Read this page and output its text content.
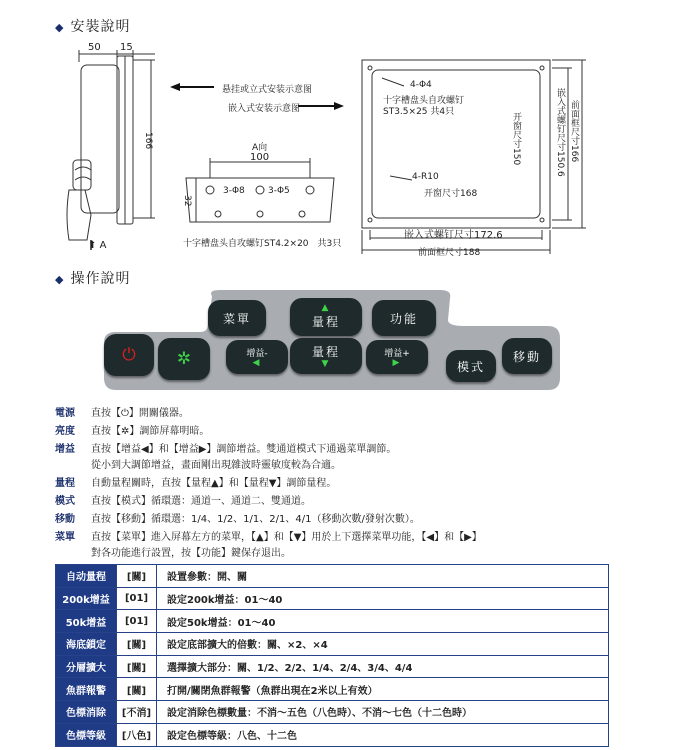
◆ 安裝說明
50 15
166
⬆ A
悬挂或立式安装示意图
嵌入式安装示意图
A向
100
32
3-Φ8	3-Φ5
十字槽盘头自攻螺钉ST4.2×20　共3只
4-Φ4
十字槽盘头自攻螺钉
ST3.5×25 共4只
4-R10
开窗尺寸168
开窗尺寸150
嵌入式螺钉尺寸172.6
前面框尺寸188
嵌入式螺钉尺寸150.6 前面框尺寸166
◆ 操作說明
菜單
▲
量程	功能
⏻ ✲	增益-
◀
量程
▼
增益+
▶	模式
移動
電源 直按【⏻】開關儀器。
亮度 直按【✲】調節屏幕明暗。
增益 直按【增益◀】和【增益▶】調節增益。雙通道模式下通過菜單調節。
從小到大調節增益，畫面剛出現雜波時靈敏度較為合適。
量程 自動量程關時，直按【量程▲】和【量程▼】調節量程。
模式 直按【模式】循環選：通道一、通道二、雙通道。
移動 直按【移動】循環選：1/4、1/2、1/1、2/1、4/1（移動次數/發射次數）。
菜單 直按【菜單】進入屏幕左方的菜單，【▲】和【▼】用於上下選擇菜單功能，【◀】和【▶】
對各功能進行設置，按【功能】鍵保存退出。
自动量程	[關]	設置參數：開、關
200k增益	[01]	設定200k增益：01～40
50k增益	[01]	設定50k增益：01～40
海底鎖定	[關]	設定底部擴大的倍數：關、×2、×4
分層擴大	[關]	選擇擴大部分：關、1/2、2/2、1/4、2/4、3/4、4/4
魚群報警	[關]	打開/關閉魚群報警（魚群出現在2米以上有效）
色標消除	[不消]	設定消除色標數量：不消～五色（八色時）、不消～七色（十二色時）
色標等級	[八色]	設定色標等級：八色、十二色
